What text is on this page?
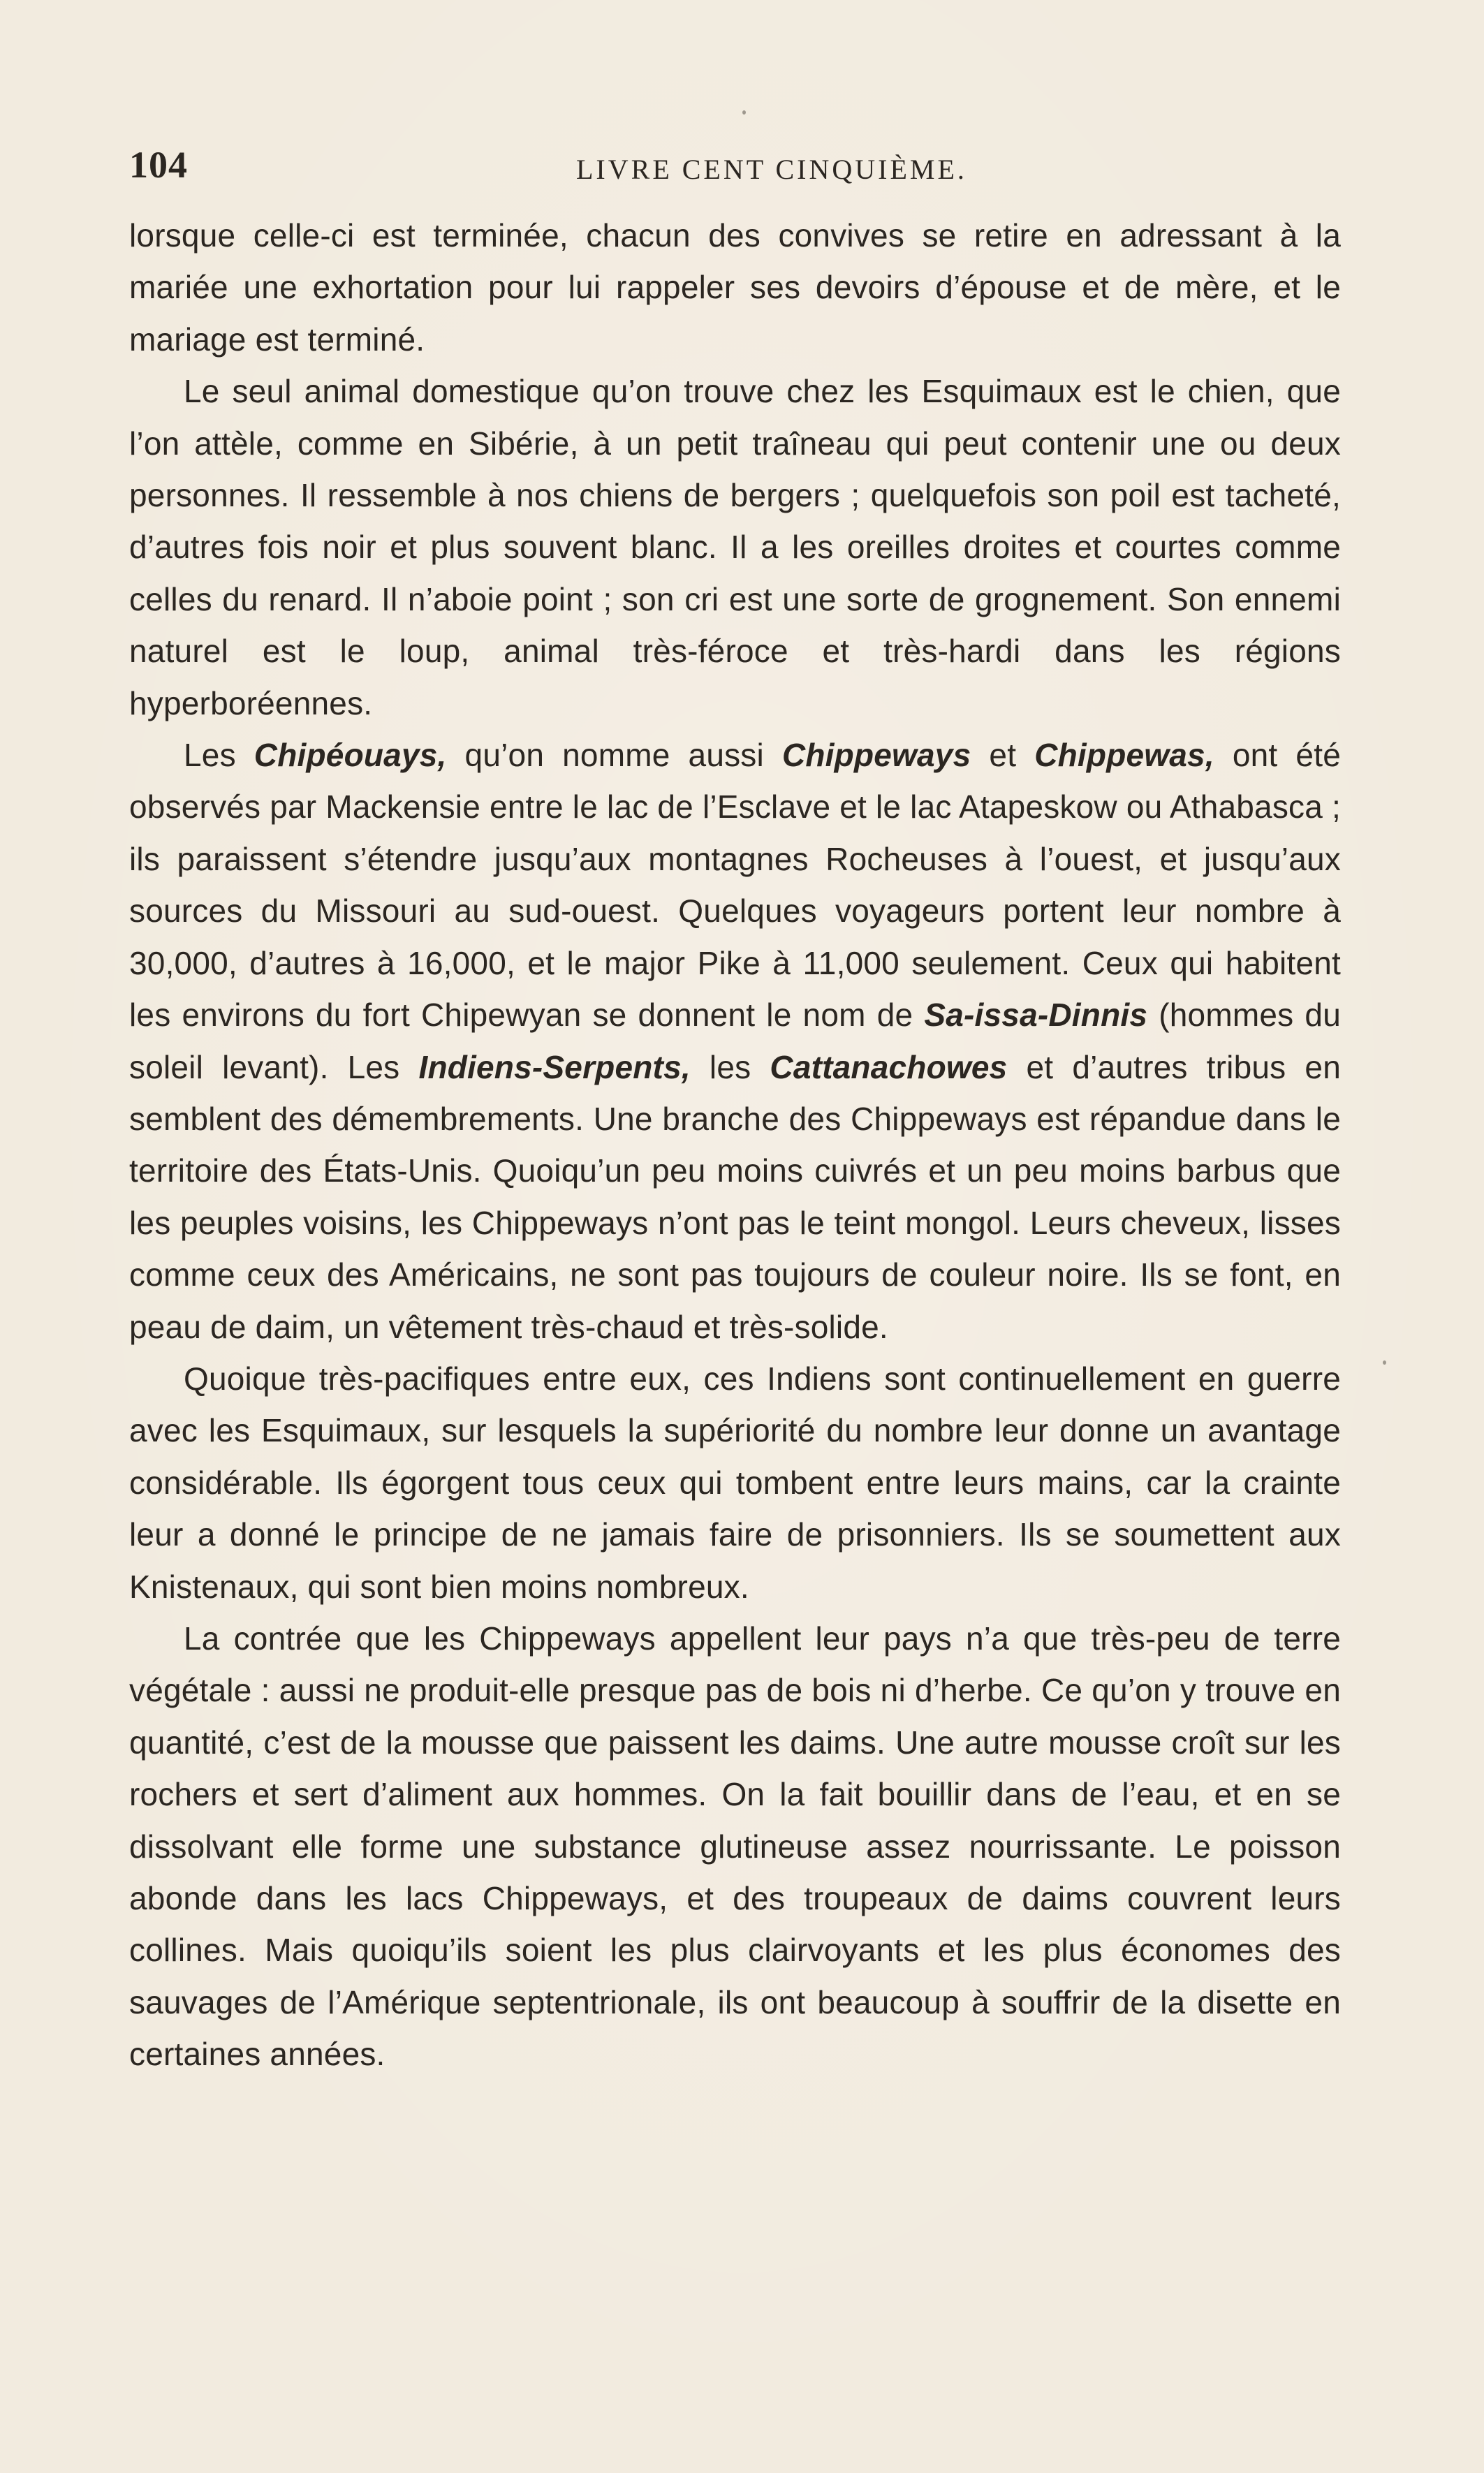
104	LIVRE CENT CINQUIÈME.

lorsque celle-ci est terminée, chacun des convives se retire en adressant à la mariée une exhortation pour lui rappeler ses devoirs d’épouse et de mère, et le mariage est terminé.

Le seul animal domestique qu’on trouve chez les Esquimaux est le chien, que l’on attèle, comme en Sibérie, à un petit traîneau qui peut contenir une ou deux personnes. Il ressemble à nos chiens de bergers ; quelquefois son poil est tacheté, d’autres fois noir et plus souvent blanc. Il a les oreilles droites et courtes comme celles du renard. Il n’aboie point ; son cri est une sorte de grognement. Son ennemi naturel est le loup, animal très-féroce et très-hardi dans les régions hyperboréennes.

Les Chipéouays, qu’on nomme aussi Chippeways et Chippewas, ont été observés par Mackensie entre le lac de l’Esclave et le lac Atapeskow ou Athabasca ; ils paraissent s’étendre jusqu’aux montagnes Rocheuses à l’ouest, et jusqu’aux sources du Missouri au sud-ouest. Quelques voyageurs portent leur nombre à 30,000, d’autres à 16,000, et le major Pike à 11,000 seulement. Ceux qui habitent les environs du fort Chipewyan se donnent le nom de Sa-issa-Dinnis (hommes du soleil levant). Les Indiens-Serpents, les Cattanachowes et d’autres tribus en semblent des démembrements. Une branche des Chippeways est répandue dans le territoire des États-Unis. Quoiqu’un peu moins cuivrés et un peu moins barbus que les peuples voisins, les Chippeways n’ont pas le teint mongol. Leurs cheveux, lisses comme ceux des Américains, ne sont pas toujours de couleur noire. Ils se font, en peau de daim, un vêtement très-chaud et très-solide.

Quoique très-pacifiques entre eux, ces Indiens sont continuellement en guerre avec les Esquimaux, sur lesquels la supériorité du nombre leur donne un avantage considérable. Ils égorgent tous ceux qui tombent entre leurs mains, car la crainte leur a donné le principe de ne jamais faire de prisonniers. Ils se soumettent aux Knistenaux, qui sont bien moins nombreux.

La contrée que les Chippeways appellent leur pays n’a que très-peu de terre végétale : aussi ne produit-elle presque pas de bois ni d’herbe. Ce qu’on y trouve en quantité, c’est de la mousse que paissent les daims. Une autre mousse croît sur les rochers et sert d’aliment aux hommes. On la fait bouillir dans de l’eau, et en se dissolvant elle forme une substance glutineuse assez nourrissante. Le poisson abonde dans les lacs Chippeways, et des troupeaux de daims couvrent leurs collines. Mais quoiqu’ils soient les plus clairvoyants et les plus économes des sauvages de l’Amérique septentrionale, ils ont beaucoup à souffrir de la disette en certaines années.
